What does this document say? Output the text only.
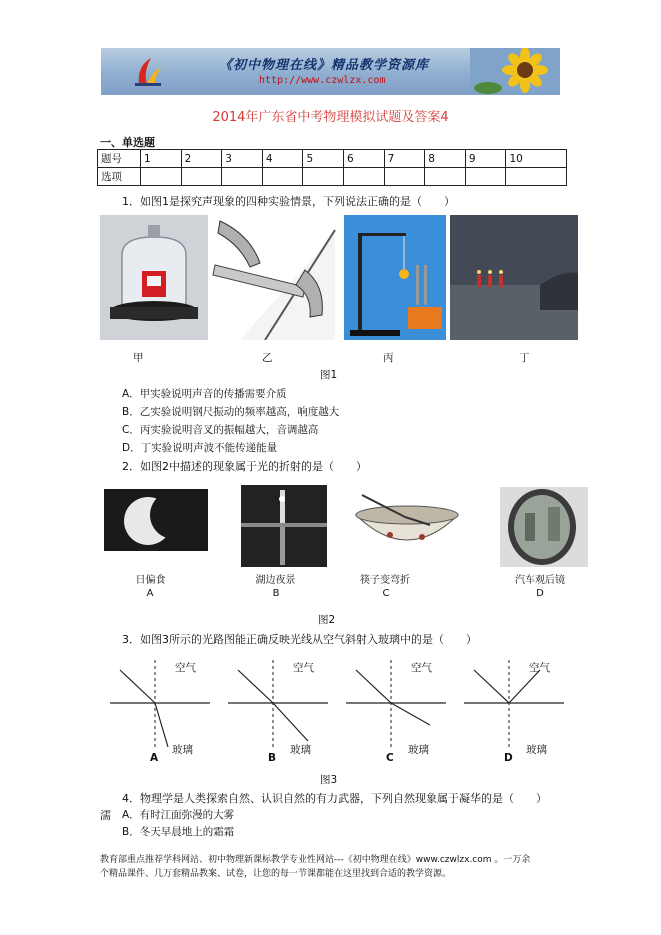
《初中物理在线》精品教学资源库
http://www.czwlzx.com
2014年广东省中考物理模拟试题及答案4
一、单选题
题号	1	2	3	4	5	6	7	8	9	10
选项										
1．如图1是探究声现象的四种实验情景，下列说法正确的是（　　）
甲	乙	丙	丁
图1
A．甲实验说明声音的传播需要介质
B．乙实验说明钢尺振动的频率越高，响度越大
C．丙实验说明音叉的振幅越大，音调越高
D．丁实验说明声波不能传递能量
2．如图2中描述的现象属于光的折射的是（　　）
日偏食	湖边夜景	筷子变弯折	汽车观后镜
A	B	C	D
图2
3．如图3所示的光路图能正确反映光线从空气斜射入玻璃中的是（　　）
空气	空气	空气	空气
玻璃	玻璃	玻璃	玻璃
A	B	C	D
图3
4．物理学是人类探索自然、认识自然的有力武器，下列自然现象属于凝华的是（　　）
濡 A．有时江面弥漫的大雾
B．冬天早晨地上的霜霜
教育部重点推荐学科网站、初中物理新课标教学专业性网站---《初中物理在线》www.czwlzx.com 。一万余
个精品课件、几万套精品教案、试卷，让您的每一节课都能在这里找到合适的教学资源。
